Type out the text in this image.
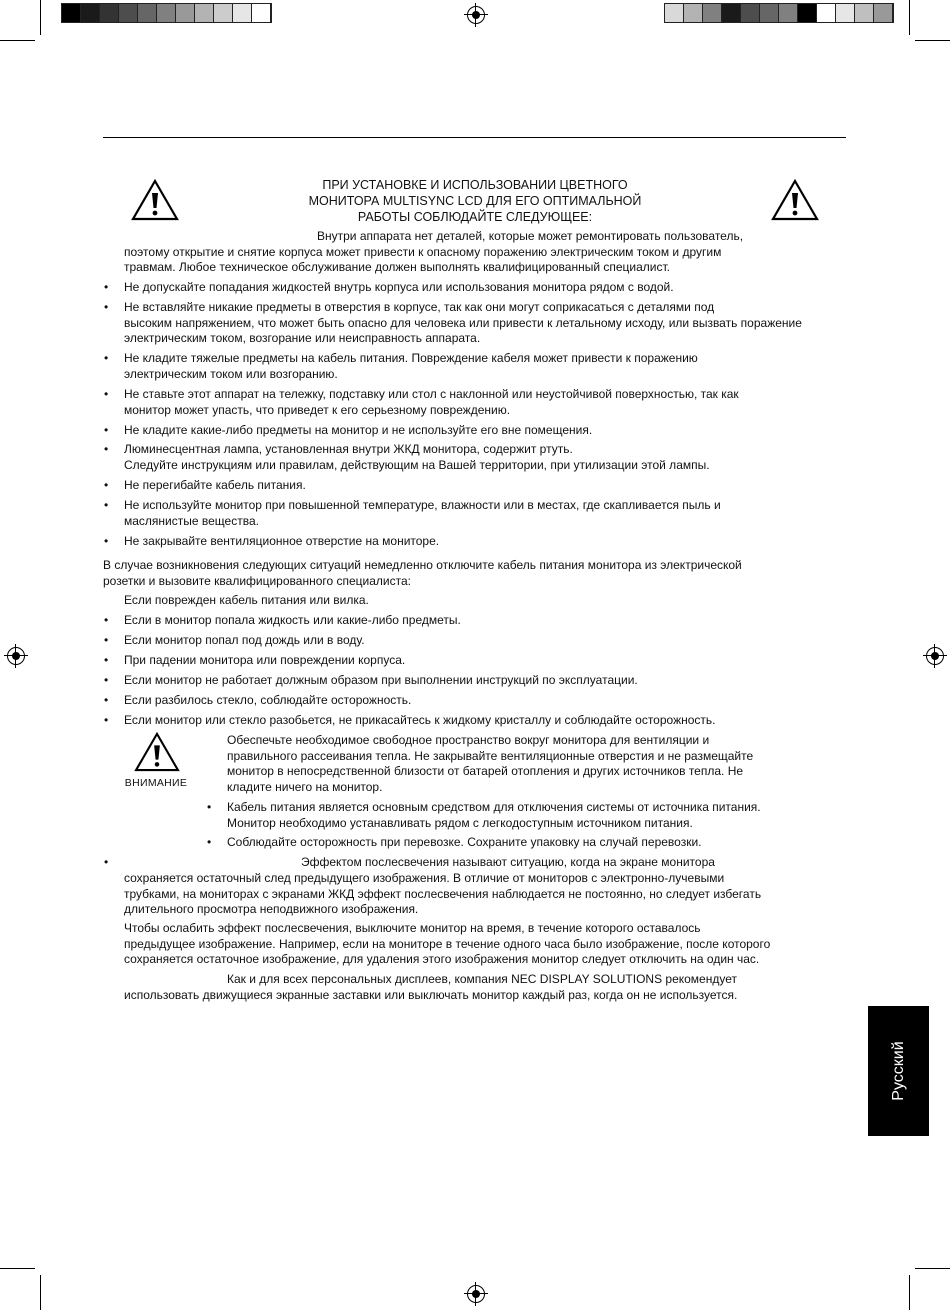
ПРИ УСТАНОВКЕ И ИСПОЛЬЗОВАНИИ ЦВЕТНОГО
МОНИТОРА MULTISYNC LCD ДЛЯ ЕГО ОПТИМАЛЬНОЙ
РАБОТЫ СОБЛЮДАЙТЕ СЛЕДУЮЩЕЕ:
Внутри аппарата нет деталей, которые может ремонтировать пользователь,
поэтому открытие и снятие корпуса может привести к опасному поражению электрическим током и другим
травмам. Любое техническое обслуживание должен выполнять квалифицированный специалист.
• Не допускайте попадания жидкостей внутрь корпуса или использования монитора рядом с водой.
• Не вставляйте никакие предметы в отверстия в корпусе, так как они могут соприкасаться с деталями под
высоким напряжением, что может быть опасно для человека или привести к летальному исходу, или вызвать поражение
электрическим током, возгорание или неисправность аппарата.
• Не кладите тяжелые предметы на кабель питания. Повреждение кабеля может привести к поражению
электрическим током или возгоранию.
• Не ставьте этот аппарат на тележку, подставку или стол с наклонной или неустойчивой поверхностью, так как
монитор может упасть, что приведет к его серьезному повреждению.
• Не кладите какие-либо предметы на монитор и не используйте его вне помещения.
• Люминесцентная лампа, установленная внутри ЖКД монитора, содержит ртуть.
Следуйте инструкциям или правилам, действующим на Вашей территории, при утилизации этой лампы.
• Не перегибайте кабель питания.
• Не используйте монитор при повышенной температуре, влажности или в местах, где скапливается пыль и
маслянистые вещества.
• Не закрывайте вентиляционное отверстие на мониторе.
В случае возникновения следующих ситуаций немедленно отключите кабель питания монитора из электрической
розетки и вызовите квалифицированного специалиста:
Если поврежден кабель питания или вилка.
• Если в монитор попала жидкость или какие-либо предметы.
• Если монитор попал под дождь или в воду.
• При падении монитора или повреждении корпуса.
• Если монитор не работает должным образом при выполнении инструкций по эксплуатации.
• Если разбилось стекло, соблюдайте осторожность.
• Если монитор или стекло разобьется, не прикасайтесь к жидкому кристаллу и соблюдайте осторожность.
ВНИМАНИЕ
Обеспечьте необходимое свободное пространство вокруг монитора для вентиляции и
правильного рассеивания тепла. Не закрывайте вентиляционные отверстия и не размещайте
монитор в непосредственной близости от батарей отопления и других источников тепла. Не
кладите ничего на монитор.
• Кабель питания является основным средством для отключения системы от источника питания.
Монитор необходимо устанавливать рядом с легкодоступным источником питания.
• Соблюдайте осторожность при перевозке. Сохраните упаковку на случай перевозки.
•	Эффектом послесвечения называют ситуацию, когда на экране монитора
сохраняется остаточный след предыдущего изображения. В отличие от мониторов с электронно-лучевыми
трубками, на мониторах с экранами ЖКД эффект послесвечения наблюдается не постоянно, но следует избегать
длительного просмотра неподвижного изображения.
Чтобы ослабить эффект послесвечения, выключите монитор на время, в течение которого оставалось
предыдущее изображение. Например, если на мониторе в течение одного часа было изображение, после которого
сохраняется остаточное изображение, для удаления этого изображения монитор следует отключить на один час.
Как и для всех персональных дисплеев, компания NEC DISPLAY SOLUTIONS рекомендует
использовать движущиеся экранные заставки или выключать монитор каждый раз, когда он не используется.
Русский
